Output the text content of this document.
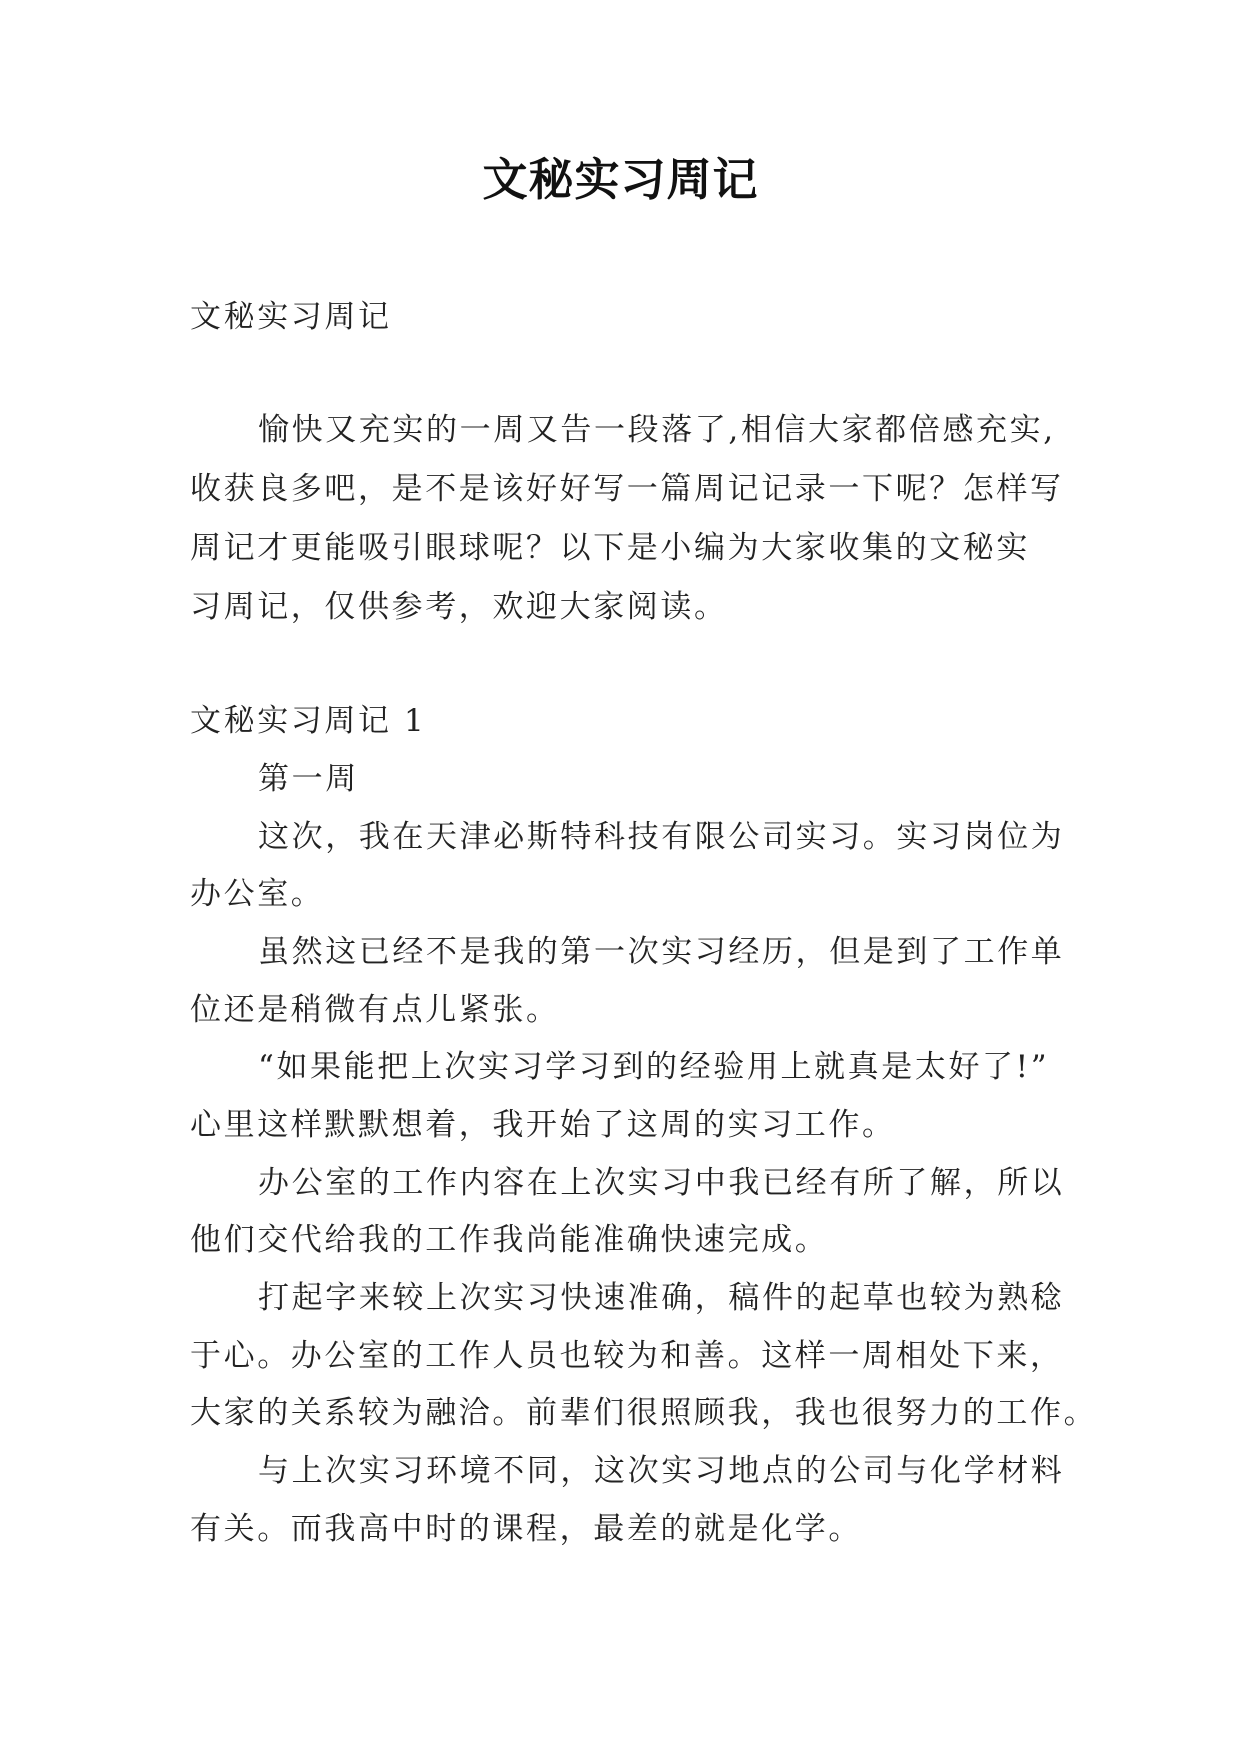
文秘实习周记
文秘实习周记
愉快又充实的一周又告一段落了,相信大家都倍感充实,
收获良多吧，是不是该好好写一篇周记记录一下呢？怎样写
周记才更能吸引眼球呢？以下是小编为大家收集的文秘实
习周记，仅供参考，欢迎大家阅读。
文秘实习周记 1
第一周
这次，我在天津必斯特科技有限公司实习。实习岗位为
办公室。
虽然这已经不是我的第一次实习经历，但是到了工作单
位还是稍微有点儿紧张。
“如果能把上次实习学习到的经验用上就真是太好了!”
心里这样默默想着，我开始了这周的实习工作。
办公室的工作内容在上次实习中我已经有所了解，所以
他们交代给我的工作我尚能准确快速完成。
打起字来较上次实习快速准确，稿件的起草也较为熟稔
于心。办公室的工作人员也较为和善。这样一周相处下来，
大家的关系较为融洽。前辈们很照顾我，我也很努力的工作。
与上次实习环境不同，这次实习地点的公司与化学材料
有关。而我高中时的课程，最差的就是化学。
